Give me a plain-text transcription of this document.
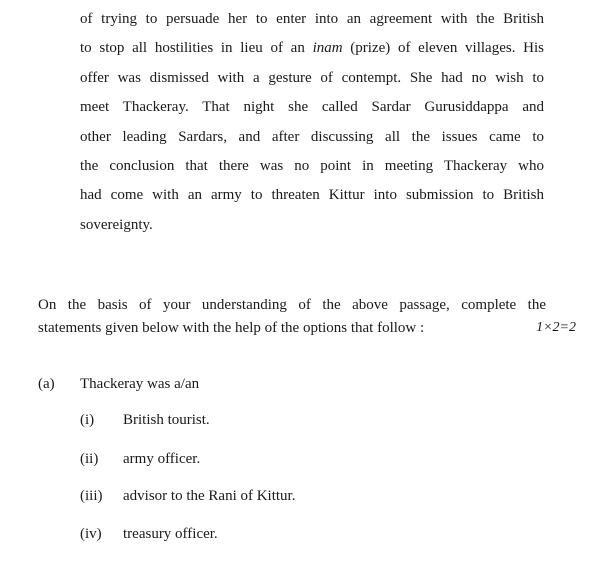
of trying to persuade her to enter into an agreement with the British
to stop all hostilities in lieu of an inam (prize) of eleven villages. His
offer was dismissed with a gesture of contempt. She had no wish to
meet Thackeray. That night she called Sardar Gurusiddappa and
other leading Sardars, and after discussing all the issues came to
the conclusion that there was no point in meeting Thackeray who
had come with an army to threaten Kittur into submission to British
sovereignty.
On the basis of your understanding of the above passage, complete the
statements given below with the help of the options that follow :	1×2=2
(a) Thackeray was a/an
(i) British tourist.
(ii) army officer.
(iii) advisor to the Rani of Kittur.
(iv) treasury officer.
